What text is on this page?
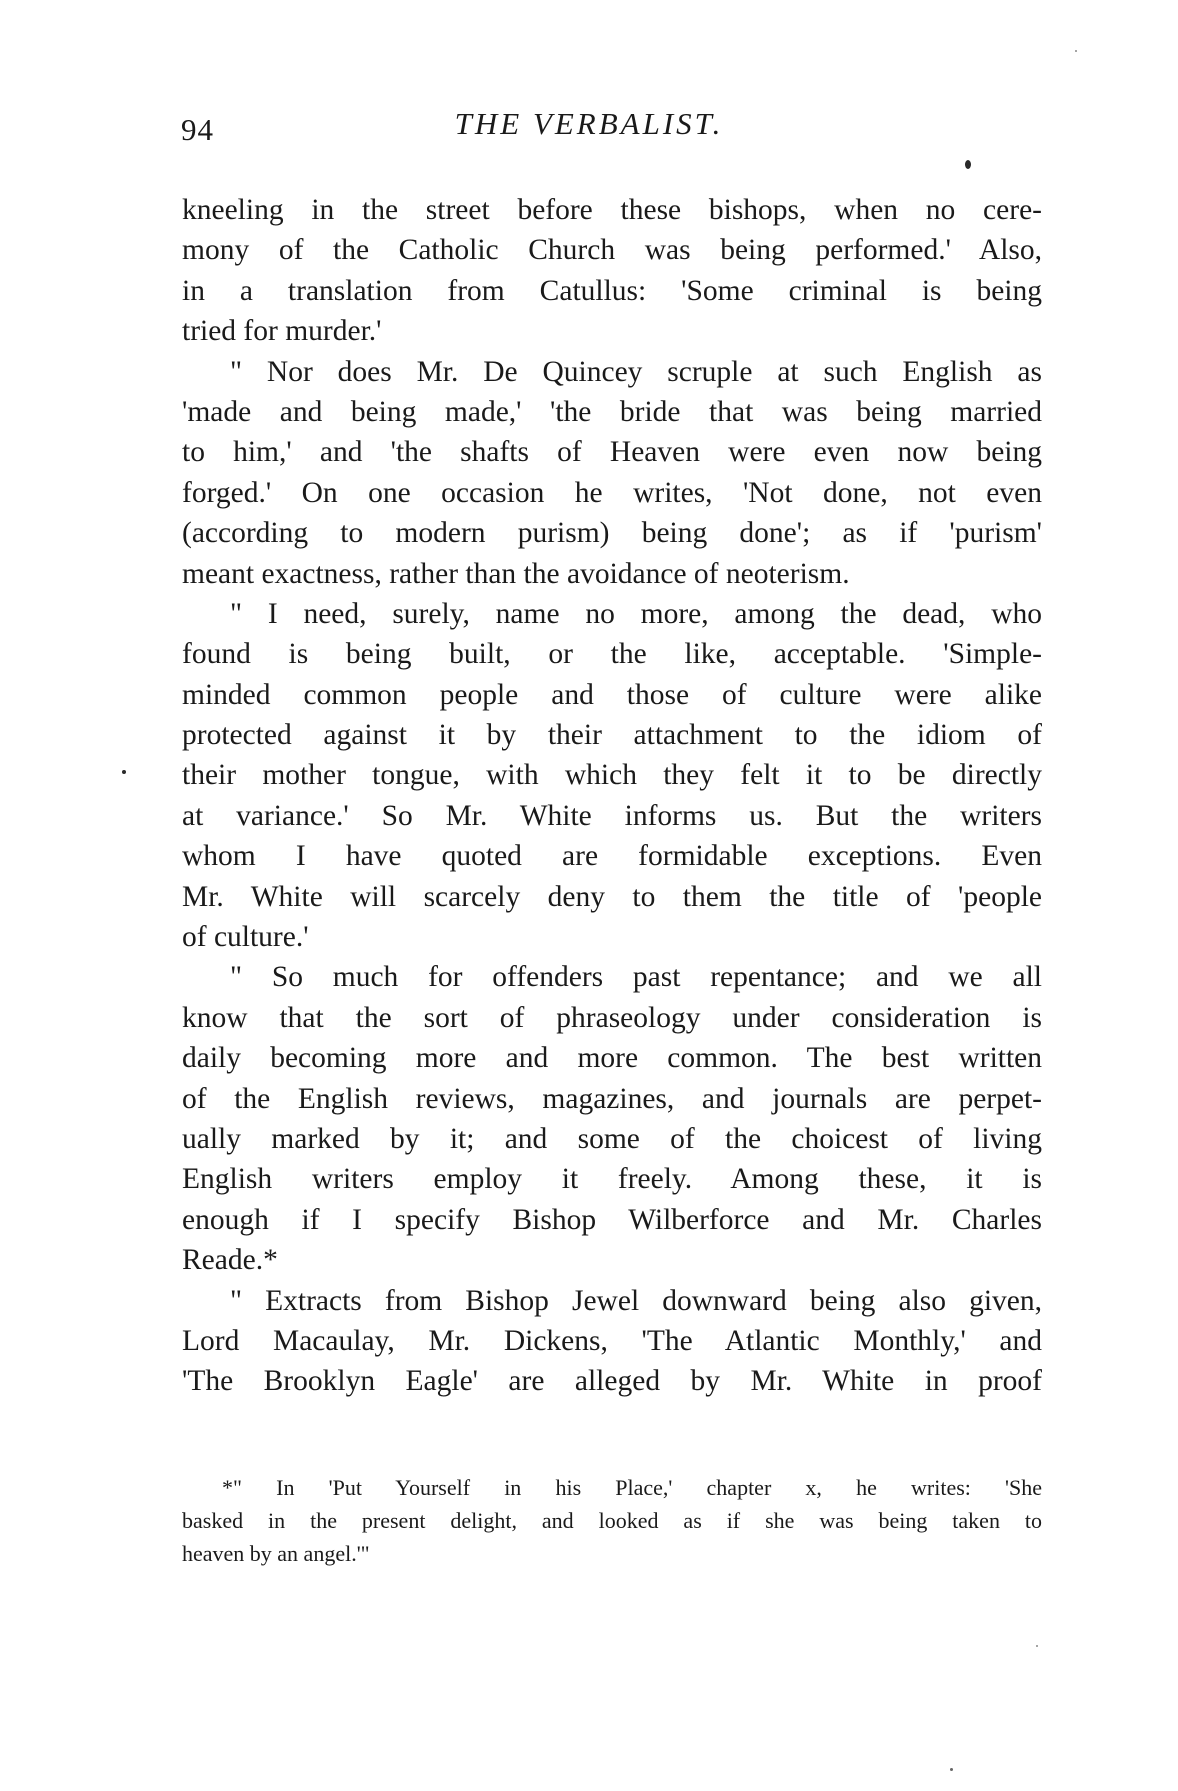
94	THE VERBALIST.
kneeling in the street before these bishops, when no cere-
mony of the Catholic Church was being performed.' Also,
in a translation from Catullus: 'Some criminal is being
tried for murder.'
" Nor does Mr. De Quincey scruple at such English as
'made and being made,' 'the bride that was being married
to him,' and 'the shafts of Heaven were even now being
forged.' On one occasion he writes, 'Not done, not even
(according to modern purism) being done'; as if 'purism'
meant exactness, rather than the avoidance of neoterism.
" I need, surely, name no more, among the dead, who
found is being built, or the like, acceptable. 'Simple-
minded common people and those of culture were alike
protected against it by their attachment to the idiom of
their mother tongue, with which they felt it to be directly
at variance.' So Mr. White informs us. But the writers
whom I have quoted are formidable exceptions. Even
Mr. White will scarcely deny to them the title of 'people
of culture.'
" So much for offenders past repentance; and we all
know that the sort of phraseology under consideration is
daily becoming more and more common. The best written
of the English reviews, magazines, and journals are perpet-
ually marked by it; and some of the choicest of living
English writers employ it freely. Among these, it is
enough if I specify Bishop Wilberforce and Mr. Charles
Reade.*
" Extracts from Bishop Jewel downward being also given,
Lord Macaulay, Mr. Dickens, 'The Atlantic Monthly,' and
'The Brooklyn Eagle' are alleged by Mr. White in proof
*" In 'Put Yourself in his Place,' chapter x, he writes: 'She
basked in the present delight, and looked as if she was being taken to
heaven by an angel.'"
